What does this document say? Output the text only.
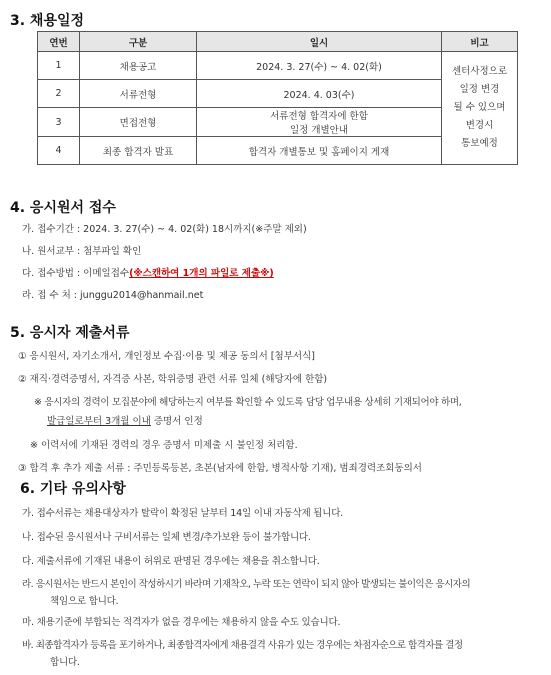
3. 채용일정
연번	구분	일시	비고
1	채용공고	2024. 3. 27(수) ~ 4. 02(화)	센터사정으로
일정 변경
될 수 있으며
변경시
통보예정

2	서류전형	2024. 4. 03(수)	
3	면접전형	서류전형 합격자에 한함
일정 개별안내	

4	최종 합격자 발표	합격자 개별통보 및 홈페이지 게재	
4. 응시원서 접수
가. 접수기간 : 2024. 3. 27(수) ~ 4. 02(화) 18시까지(※주말 제외)
나. 원서교부 : 첨부파일 확인
다. 접수방법 : 이메일접수(※스캔하여 1개의 파일로 제출※)
라. 접 수 처 : junggu2014@hanmail.net
5. 응시자 제출서류
① 응시원서, 자기소개서, 개인정보 수집·이용 및 제공 동의서 [첨부서식]
② 재직·경력증명서, 자격증 사본, 학위증명 관련 서류 일체 (해당자에 한함)
※ 응시자의 경력이 모집분야에 해당하는지 여부를 확인할 수 있도록 담당 업무내용 상세히 기재되어야 하며,
발급일로부터 3개월 이내 증명서 인정
※ 이력서에 기재된 경력의 경우 증명서 미제출 시 불인정 처리함.
③ 합격 후 추가 제출 서류 : 주민등록등본, 초본(남자에 한함, 병적사항 기재), 범죄경력조회동의서
6. 기타 유의사항
가. 접수서류는 채용대상자가 탈락이 확정된 날부터 14일 이내 자동삭제 됩니다.
나. 접수된 응시원서나 구비서류는 일체 변경/추가보완 등이 불가합니다.
다. 제출서류에 기재된 내용이 허위로 판명된 경우에는 채용을 취소합니다.
라. 응시원서는 반드시 본인이 작성하시기 바라며 기재착오, 누락 또는 연락이 되지 않아 발생되는 불이익은 응시자의
책임으로 합니다.
마. 채용기준에 부합되는 적격자가 없을 경우에는 채용하지 않을 수도 있습니다.
바. 최종합격자가 등록을 포기하거나, 최종합격자에게 채용결격 사유가 있는 경우에는 차점자순으로 합격자를 결정
합니다.
